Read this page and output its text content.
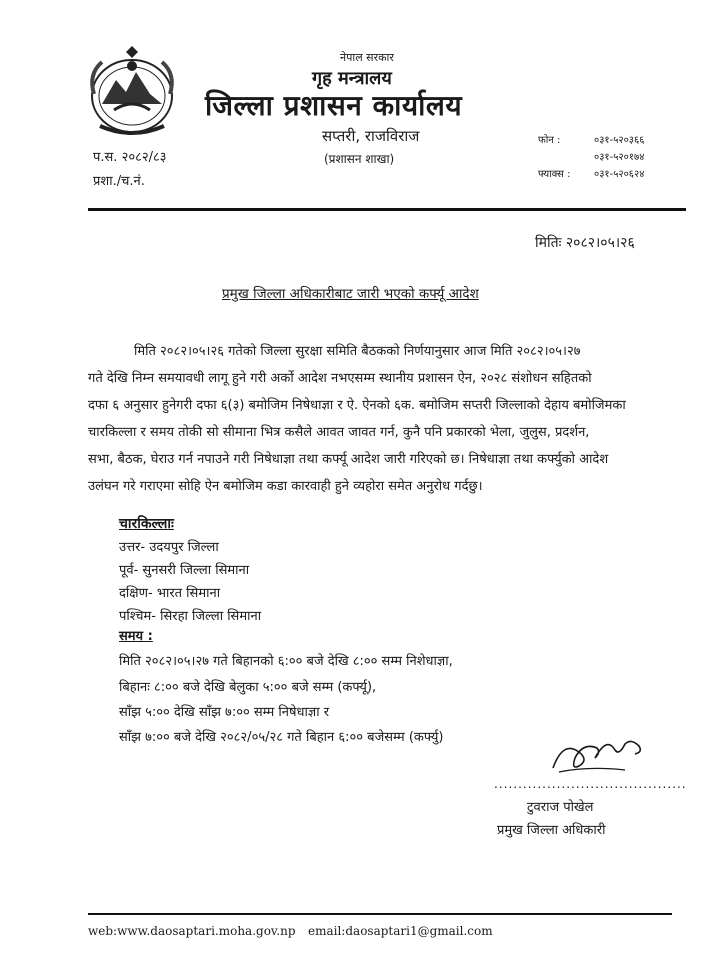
नेपाल सरकार
गृह मन्त्रालय
जिल्ला प्रशासन कार्यालय
सप्तरी, राजविराज
(प्रशासन शाखा)
प.स. २०८२/८३
प्रशा./च.नं.
फोन :	०३१-५२०३६६
०३१-५२०१७४
फ्याक्स : ०३१-५२०६२४
मितिः २०८२।०५।२६
प्रमुख जिल्ला अधिकारीबाट जारी भएको कर्फ्यू आदेश
मिति २०८२।०५।२६ गतेको जिल्ला सुरक्षा समिति बैठकको निर्णयानुसार आज मिति २०८२।०५।२७
गते देखि निम्न समयावधी लागू हुने गरी अर्को आदेश नभएसम्म स्थानीय प्रशासन ऐन, २०२८ संशोधन सहितको
दफा ६ अनुसार हुनेगरी दफा ६(३) बमोजिम निषेधाज्ञा र ऐ. ऐनको ६क. बमोजिम सप्तरी जिल्लाको देहाय बमोजिमका
चारकिल्ला र समय तोकी सो सीमाना भित्र कसैले आवत जावत गर्न, कुनै पनि प्रकारको भेला, जुलुस, प्रदर्शन,
सभा, बैठक, घेराउ गर्न नपाउने गरी निषेधाज्ञा तथा कर्फ्यू आदेश जारी गरिएको छ। निषेधाज्ञा तथा कर्फ्युको आदेश
उलंघन गरे गराएमा सोहि ऐन बमोजिम कडा कारवाही हुने व्यहोरा समेत अनुरोध गर्दछु।
चारकिल्लाः
उत्तर- उदयपुर जिल्ला
पूर्व- सुनसरी जिल्ला सिमाना
दक्षिण- भारत सिमाना
पश्चिम- सिरहा जिल्ला सिमाना
समय :
मिति २०८२।०५।२७ गते बिहानको ६:०० बजे देखि ८:०० सम्म निशेधाज्ञा,
बिहानः ८:०० बजे देखि बेलुका ५:०० बजे सम्म (कर्फ्यू),
साँझ ५:०० देखि साँझ ७:०० सम्म निषेधाज्ञा र
साँझ ७:०० बजे देखि २०८२/०५/२८ गते बिहान ६:०० बजेसम्म (कर्फ्यु)
........................................
टुवराज पोखेल
प्रमुख जिल्ला अधिकारी
web:www.daosaptari.moha.gov.np email:daosaptari1@gmail.com
